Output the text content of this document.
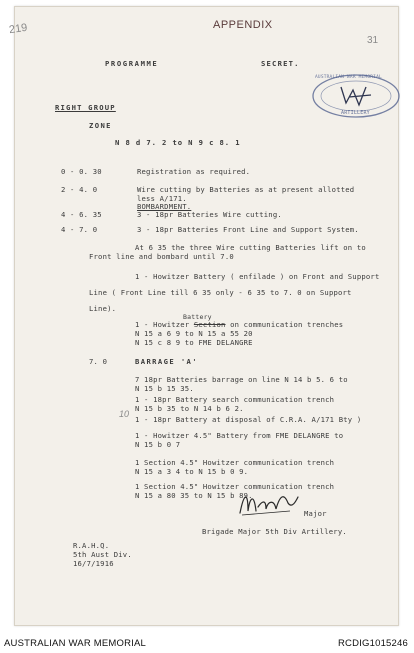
219	APPENDIX
31
PROGRAMME	SECRET.
AUSTRALIAN WAR MEMORIAL
ARTILLERY
RIGHT GROUP
ZONE
N 8 d 7. 2 to N 9 c 8. 1
0 - 0. 30	Registration as required.
2 - 4. 0	Wire cutting by Batteries as at present allotted
less A/171.
BOMBARDMENT.
4 - 6. 35	3 - 18pr Batteries Wire cutting.
4 - 7. 0	3 - 18pr Batteries Front Line and Support System.
At 6 35 the three Wire cutting Batteries lift on to
Front line and bombard until 7.0
1 - Howitzer Battery ( enfilade ) on Front and Support
Line ( Front Line till 6 35 only - 6 35 to 7. 0 on Support
Line).
Battery
1 - Howitzer Section on communication trenches
N 15 a 6 9 to N 15 a 55 20
N 15 c 8 9 to FME DELANGRE
7. 0	BARRAGE 'A'
7 18pr Batteries barrage on line N 14 b 5. 6 to
N 15 b 15 35.
1 - 18pr Battery search communication trench
N 15 b 35 to N 14 b 6 2.
10
1 - 18pr Battery at disposal of C.R.A. A/171 Bty )
1 - Howitzer 4.5" Battery from FME DELANGRE to
N 15 b 0 7
1 Section 4.5" Howitzer communication trench
N 15 a 3 4 to N 15 b 0 9.
1 Section 4.5" Howitzer communication trench
N 15 a 80 35 to N 15 b 89.
Major
Brigade Major 5th Div Artillery.
R.A.H.Q.
5th Aust Div.
16/7/1916
AUSTRALIAN WAR MEMORIAL	RCDIG1015246
